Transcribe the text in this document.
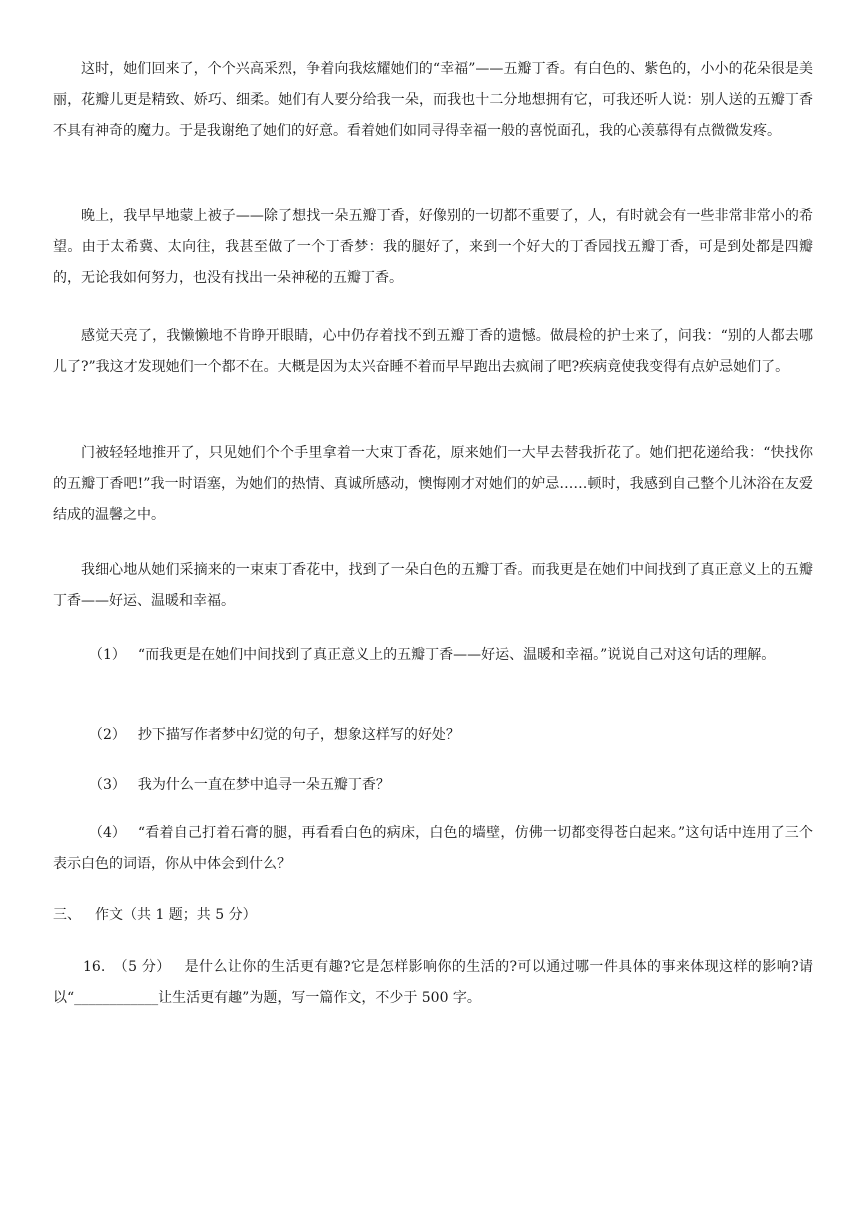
这时，她们回来了，个个兴高采烈，争着向我炫耀她们的“幸福”——五瓣丁香。有白色的、紫色的，小小的花朵很是美丽，花瓣儿更是精致、娇巧、细柔。她们有人要分给我一朵，而我也十二分地想拥有它，可我还听人说：别人送的五瓣丁香不具有神奇的魔力。于是我谢绝了她们的好意。看着她们如同寻得幸福一般的喜悦面孔，我的心羡慕得有点微微发疼。

晚上，我早早地蒙上被子——除了想找一朵五瓣丁香，好像别的一切都不重要了，人，有时就会有一些非常非常小的希望。由于太希冀、太向往，我甚至做了一个丁香梦：我的腿好了，来到一个好大的丁香园找五瓣丁香，可是到处都是四瓣的，无论我如何努力，也没有找出一朵神秘的五瓣丁香。

感觉天亮了，我懒懒地不肯睁开眼睛，心中仍存着找不到五瓣丁香的遗憾。做晨检的护士来了，问我：“别的人都去哪儿了?”我这才发现她们一个都不在。大概是因为太兴奋睡不着而早早跑出去疯闹了吧?疾病竟使我变得有点妒忌她们了。

门被轻轻地推开了，只见她们个个手里拿着一大束丁香花，原来她们一大早去替我折花了。她们把花递给我：“快找你的五瓣丁香吧!”我一时语塞，为她们的热情、真诚所感动，懊悔刚才对她们的妒忌……顿时，我感到自己整个儿沐浴在友爱结成的温馨之中。

我细心地从她们采摘来的一束束丁香花中，找到了一朵白色的五瓣丁香。而我更是在她们中间找到了真正意义上的五瓣丁香——好运、温暖和幸福。

（1） “而我更是在她们中间找到了真正意义上的五瓣丁香——好运、温暖和幸福。”说说自己对这句话的理解。

（2） 抄下描写作者梦中幻觉的句子，想象这样写的好处？

（3） 我为什么一直在梦中追寻一朵五瓣丁香？

（4） “看着自己打着石膏的腿，再看看白色的病床，白色的墙壁，仿佛一切都变得苍白起来。”这句话中连用了三个表示白色的词语，你从中体会到什么？

三、 作文（共 1 题；共 5 分）

16. （5 分） 是什么让你的生活更有趣?它是怎样影响你的生活的?可以通过哪一件具体的事来体现这样的影响?请以“____________让生活更有趣”为题，写一篇作文，不少于 500 字。
